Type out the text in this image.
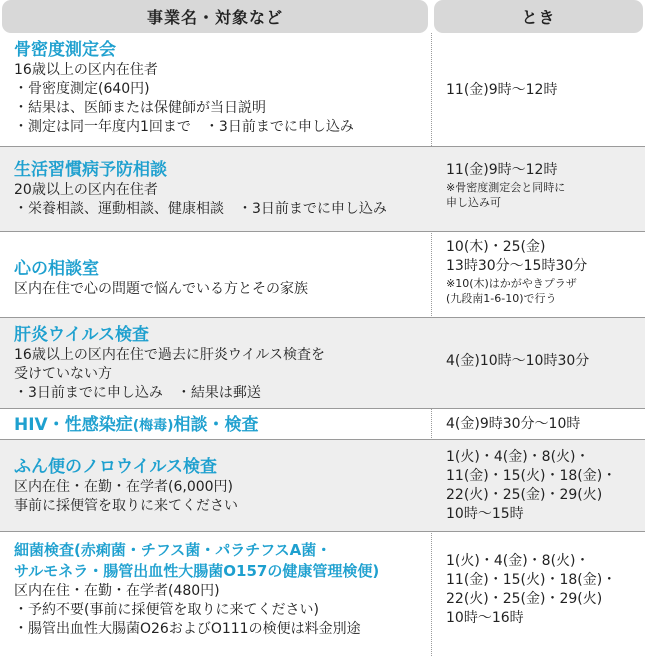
事業名・対象など	とき
骨密度測定会
16歳以上の区内在住者
・骨密度測定(640円)
・結果は、医師または保健師が当日説明
・測定は同一年度内1回まで　・3日前までに申し込み
11(金)9時～12時
生活習慣病予防相談
20歳以上の区内在住者
・栄養相談、運動相談、健康相談　・3日前までに申し込み
11(金)9時～12時
※骨密度測定会と同時に
申し込み可
心の相談室
区内在住で心の問題で悩んでいる方とその家族
10(木)・25(金)
13時30分～15時30分
※10(木)はかがやきプラザ
(九段南1-6-10)で行う
肝炎ウイルス検査
16歳以上の区内在住で過去に肝炎ウイルス検査を
受けていない方
・3日前までに申し込み　・結果は郵送
4(金)10時～10時30分
HIV・性感染症(梅毒)相談・検査	4(金)9時30分～10時
ふん便のノロウイルス検査
区内在住・在勤・在学者(6,000円)
事前に採便管を取りに来てください
1(火)・4(金)・8(火)・
11(金)・15(火)・18(金)・
22(火)・25(金)・29(火)
10時～15時
細菌検査(赤痢菌・チフス菌・パラチフスA菌・
サルモネラ・腸管出血性大腸菌O157の健康管理検便)
区内在住・在勤・在学者(480円)
・予約不要(事前に採便管を取りに来てください)
・腸管出血性大腸菌O26およびO111の検便は料金別途
1(火)・4(金)・8(火)・
11(金)・15(火)・18(金)・
22(火)・25(金)・29(火)
10時～16時
